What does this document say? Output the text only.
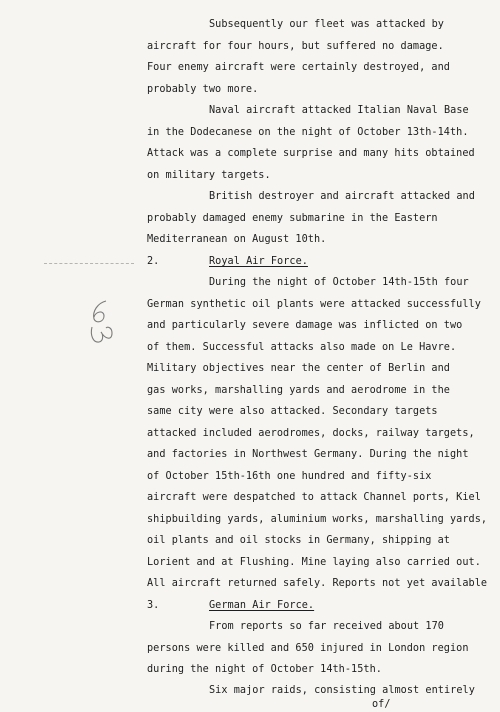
Subsequently our fleet was attacked by
aircraft for four hours, but suffered no damage.
Four enemy aircraft were certainly destroyed, and
probably two more.
Naval aircraft attacked Italian Naval Base
in the Dodecanese on the night of October 13th-14th.
Attack was a complete surprise and many hits obtained
on military targets.
British destroyer and aircraft attacked and
probably damaged enemy submarine in the Eastern
Mediterranean on August 10th.
2.	Royal Air Force.
During the night of October 14th-15th four
German synthetic oil plants were attacked successfully
and particularly severe damage was inflicted on two
of them. Successful attacks also made on Le Havre.
Military objectives near the center of Berlin and
gas works, marshalling yards and aerodrome in the
same city were also attacked. Secondary targets
attacked included aerodromes, docks, railway targets,
and factories in Northwest Germany. During the night
of October 15th-16th one hundred and fifty-six
aircraft were despatched to attack Channel ports, Kiel
shipbuilding yards, aluminium works, marshalling yards,
oil plants and oil stocks in Germany, shipping at
Lorient and at Flushing. Mine laying also carried out.
All aircraft returned safely. Reports not yet available
3.	German Air Force.
From reports so far received about 170
persons were killed and 650 injured in London region
during the night of October 14th-15th.
Six major raids, consisting almost entirely
of/
